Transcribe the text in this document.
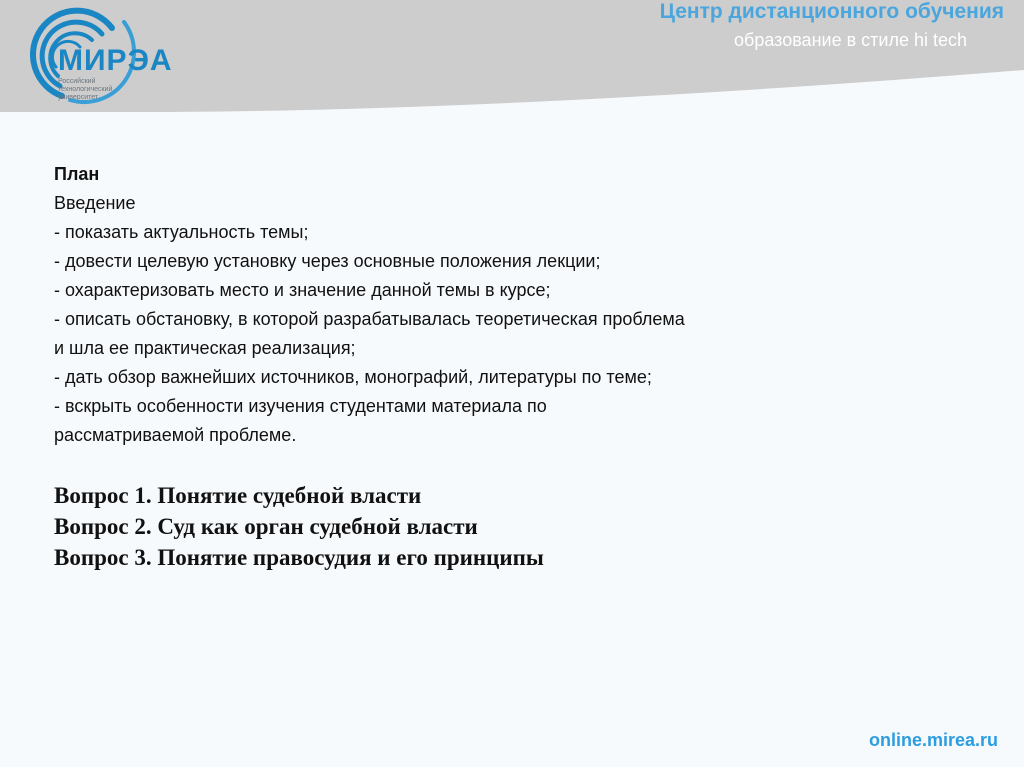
МИРЭА
Российский
технологический
университет
Центр дистанционного обучения
образование в стиле hi tech
План

Введение

- показать актуальность темы;

- довести целевую установку через основные положения лекции;

- охарактеризовать место и значение данной темы в курсе;

- описать обстановку, в которой разрабатывалась теоретическая проблема

и шла ее практическая реализация;

- дать обзор важнейших источников, монографий, литературы по теме;

- вскрыть особенности изучения студентами материала по

рассматриваемой проблеме.

Вопрос 1. Понятие судебной власти

Вопрос 2. Суд как орган судебной власти

Вопрос 3. Понятие правосудия и его принципы

online.mirea.ru
